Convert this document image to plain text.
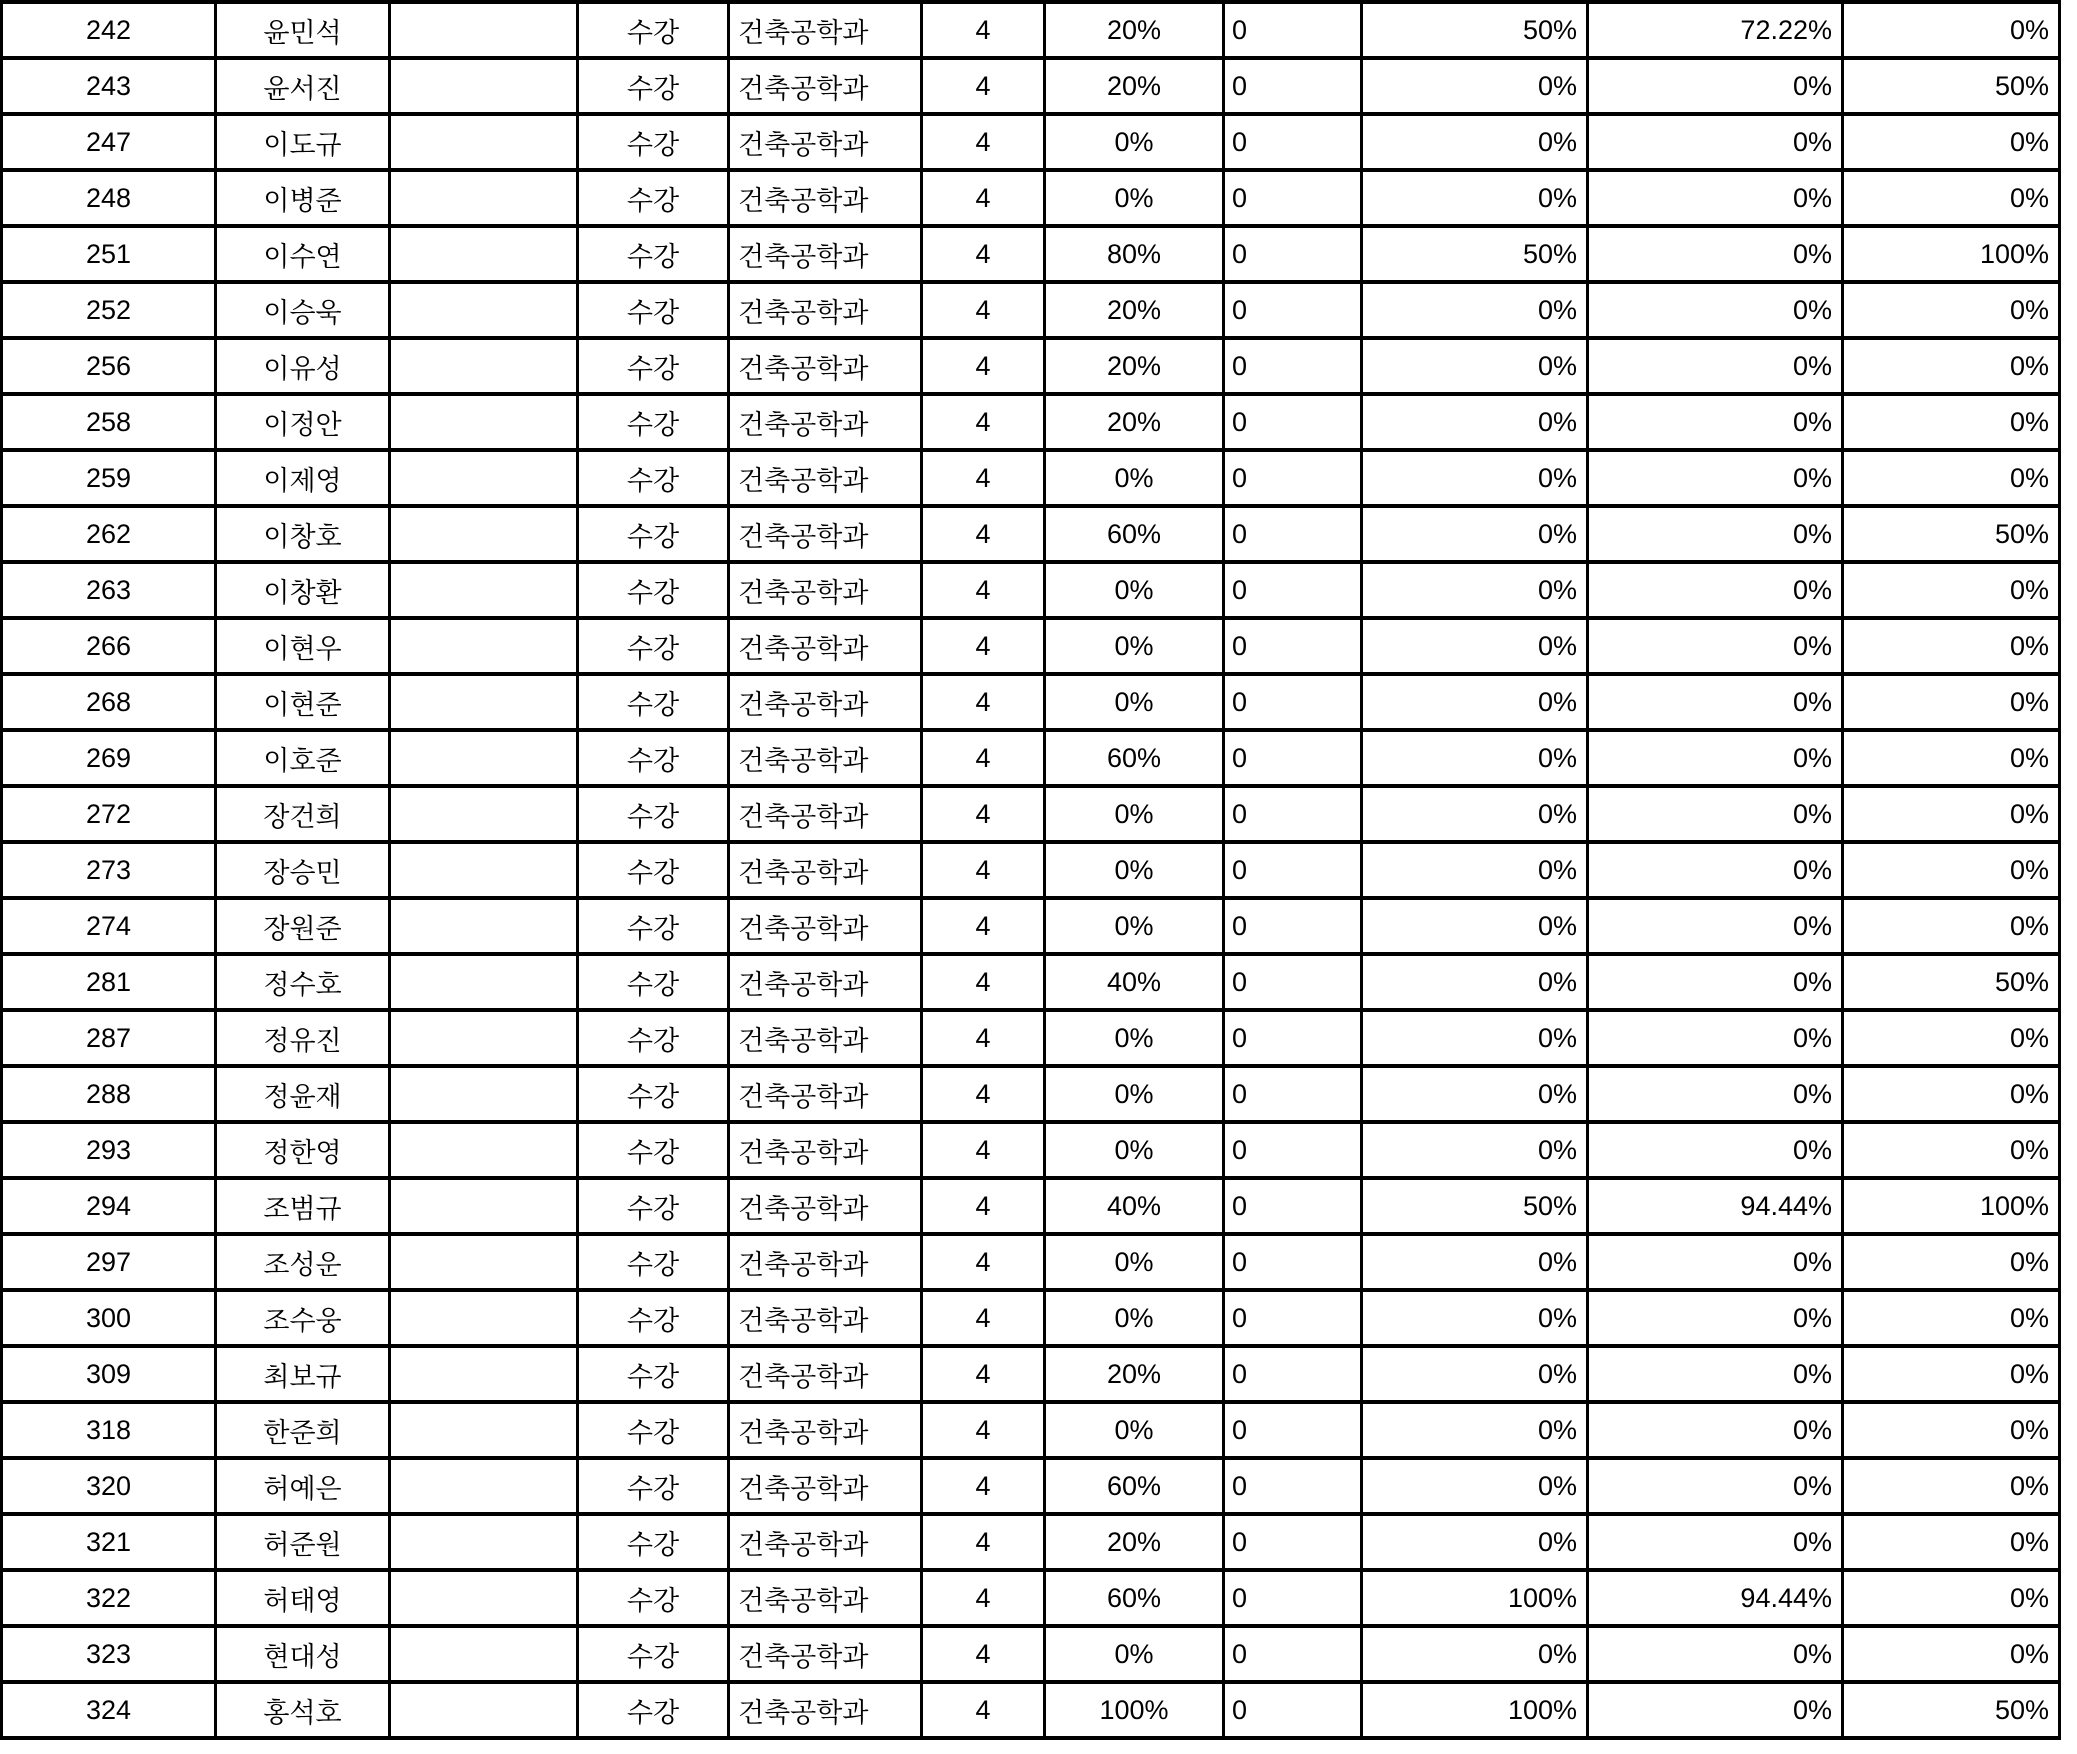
242	윤민석		수강	건축공학과	4	20%	0	50%	72.22%	0%
243	윤서진		수강	건축공학과	4	20%	0	0%	0%	50%
247	이도규		수강	건축공학과	4	0%	0	0%	0%	0%
248	이병준		수강	건축공학과	4	0%	0	0%	0%	0%
251	이수연		수강	건축공학과	4	80%	0	50%	0%	100%
252	이승욱		수강	건축공학과	4	20%	0	0%	0%	0%
256	이유성		수강	건축공학과	4	20%	0	0%	0%	0%
258	이정안		수강	건축공학과	4	20%	0	0%	0%	0%
259	이제영		수강	건축공학과	4	0%	0	0%	0%	0%
262	이창호		수강	건축공학과	4	60%	0	0%	0%	50%
263	이창환		수강	건축공학과	4	0%	0	0%	0%	0%
266	이현우		수강	건축공학과	4	0%	0	0%	0%	0%
268	이현준		수강	건축공학과	4	0%	0	0%	0%	0%
269	이호준		수강	건축공학과	4	60%	0	0%	0%	0%
272	장건희		수강	건축공학과	4	0%	0	0%	0%	0%
273	장승민		수강	건축공학과	4	0%	0	0%	0%	0%
274	장원준		수강	건축공학과	4	0%	0	0%	0%	0%
281	정수호		수강	건축공학과	4	40%	0	0%	0%	50%
287	정유진		수강	건축공학과	4	0%	0	0%	0%	0%
288	정윤재		수강	건축공학과	4	0%	0	0%	0%	0%
293	정한영		수강	건축공학과	4	0%	0	0%	0%	0%
294	조범규		수강	건축공학과	4	40%	0	50%	94.44%	100%
297	조성운		수강	건축공학과	4	0%	0	0%	0%	0%
300	조수웅		수강	건축공학과	4	0%	0	0%	0%	0%
309	최보규		수강	건축공학과	4	20%	0	0%	0%	0%
318	한준희		수강	건축공학과	4	0%	0	0%	0%	0%
320	허예은		수강	건축공학과	4	60%	0	0%	0%	0%
321	허준원		수강	건축공학과	4	20%	0	0%	0%	0%
322	허태영		수강	건축공학과	4	60%	0	100%	94.44%	0%
323	현대성		수강	건축공학과	4	0%	0	0%	0%	0%
324	홍석호		수강	건축공학과	4	100%	0	100%	0%	50%
